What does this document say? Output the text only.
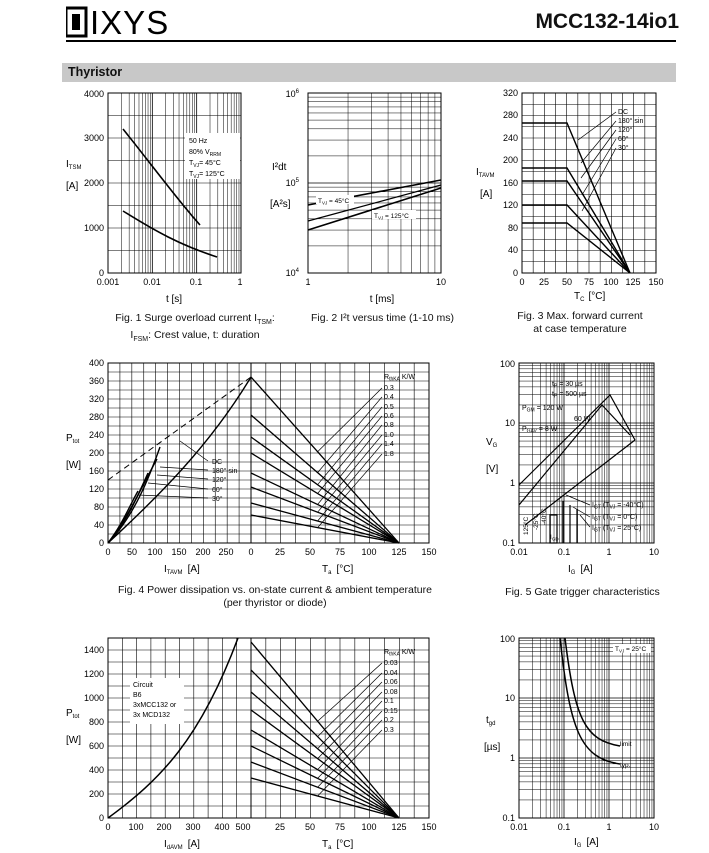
IXYS	MCC132-14io1
Thyristor
50 Hz
80% $V_{RRM}$
$T_{VJ}= 45^\circ C$
$T_{VJ}= 125^\circ C$
0
1000
2000
3000
4000
0.001	0.01	0.1	1
$I_{TSM}$
[A]
t [s]
Fig. 1 Surge overload current $I_{TSM}$:
$I_{FSM}$: Crest value, t: duration
$T_{VJ} = 45^\circ C$
$T_{VJ} = 125^\circ C$
$10^4$
$10^5$
$10^6$
1	10
I²dt
[A²s]
t [ms]
Fig. 2 I²t versus time (1-10 ms)
DC
180° sin
120°
60°
30°
0
40
80
120
160
200
240
280
320
0 25 50 75 100 125 150
$I_{TAVM}$
[A]
$T_C$ [°C]
Fig. 3 Max. forward current
at case temperature
DC
180° sin
120°
60°
30°
$R_{thKA}$ K/W
0.3
0.4
0.5
0.6
0.8
1.0
1.4
1.8
0
40
80
120
160
200
240
280
320
360
400
0 50 100 150 200 250 0 25 50 75 100 125 150
$P_{tot}$
[W]
$I_{TAVM}$ [A]	$T_a$ [°C]
Fig. 4 Power dissipation vs. on-state current & ambient temperature
(per thyristor or diode)
$t_P = 30$ µs
$t_P = 500$ µs
$P_{GM} = 120$ W
60 W
$P_{GAV} = 8$ W
$I_{GT}$ $(T_{VJ} = -40^\circ C)$
$I_{GT}$ $(T_{VJ} = 0^\circ C)$
$I_{GT}$ $(T_{VJ} = 25^\circ C)$
125°C -25°C -40°C
$I_{GD}$
0.1
1
10
100
0.01	0.1	1	10
$V_G$
[V]
$I_G$ [A]
Fig. 5 Gate trigger characteristics
Circuit
B6
3xMCC132 or
3x MCD132
$R_{thKA}$ K/W
0.03
0.04
0.06
0.08
0.1
0.15
0.2
0.3
0
200
400
600
800
1000
1200
1400
0 100 200 300 400 500	25 50 75 100 125 150
$P_{tot}$
[W]
$I_{dAVM}$ [A]	$T_a$ [°C]
$T_{VJ} = 25^\circ C$
limit
typ.
0.1
1
10
100
0.01	0.1	1	10
$t_{gd}$
[µs]
$I_G$ [A]
